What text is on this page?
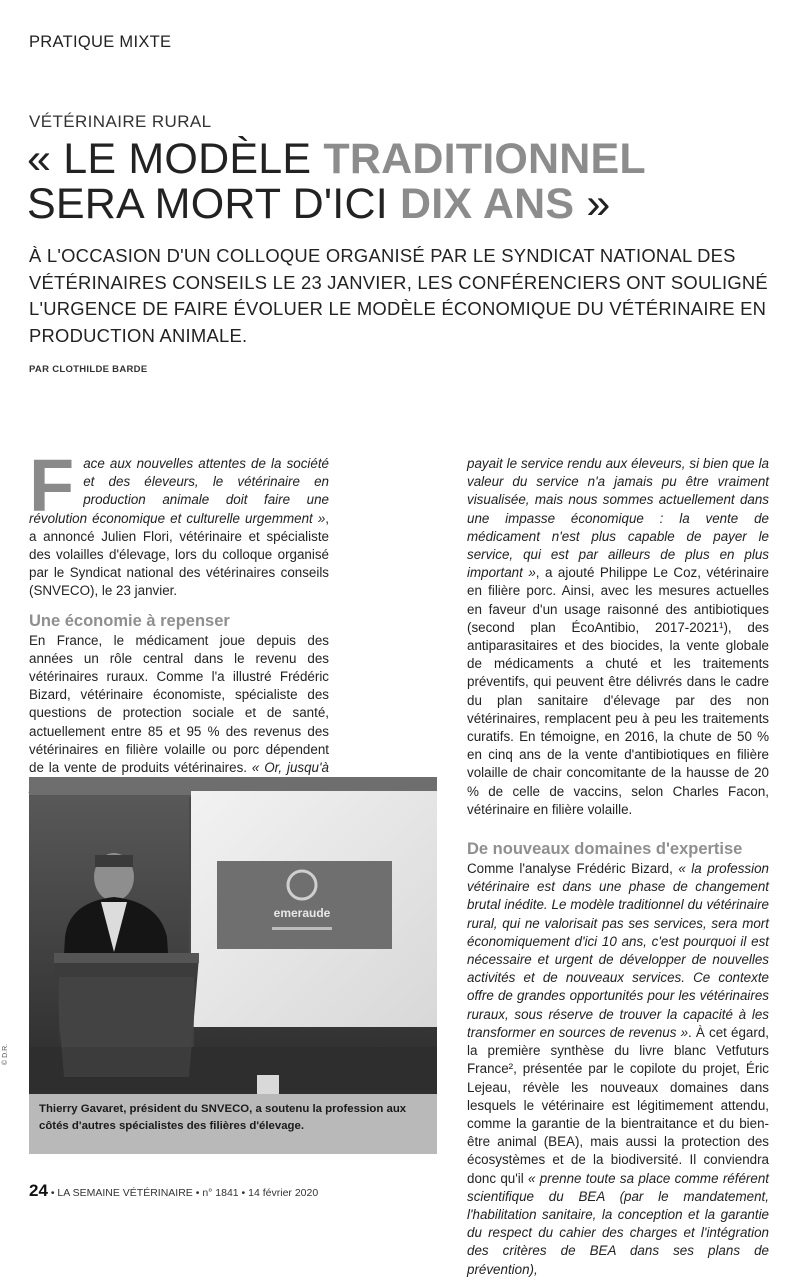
PRATIQUE MIXTE
VÉTÉRINAIRE RURAL
« LE MODÈLE TRADITIONNEL
SERA MORT D'ICI DIX ANS »
À L'OCCASION D'UN COLLOQUE ORGANISÉ PAR LE SYNDICAT NATIONAL DES VÉTÉRINAIRES CONSEILS LE 23 JANVIER, LES CONFÉRENCIERS ONT SOULIGNÉ L'URGENCE DE FAIRE ÉVOLUER LE MODÈLE ÉCONOMIQUE DU VÉTÉRINAIRE EN PRODUCTION ANIMALE.
PAR CLOTHILDE BARDE

Face aux nouvelles attentes de la société et des éleveurs, le vétérinaire en production animale doit faire une révolution économique et culturelle urgemment », a annoncé Julien Flori, vétérinaire et spécialiste des volailles d'élevage, lors du colloque organisé par le Syndicat national des vétérinaires conseils (SNVECO), le 23 janvier.

Une économie à repenser

En France, le médicament joue depuis des années un rôle central dans le revenu des vétérinaires ruraux. Comme l'a illustré Frédéric Bizard, vétérinaire économiste, spécialiste des questions de protection sociale et de santé, actuellement entre 85 et 95 % des revenus des vétérinaires en filière volaille ou porc dépendent de la vente de produits vétérinaires. « Or, jusqu'à

payait le service rendu aux éleveurs, si bien que la valeur du service n'a jamais pu être vraiment visualisée, mais nous sommes actuellement dans une impasse économique : la vente de médicament n'est plus capable de payer le service, qui est par ailleurs de plus en plus important », a ajouté Philippe Le Coz, vétérinaire en filière porc. Ainsi, avec les mesures actuelles en faveur d'un usage raisonné des antibiotiques (second plan ÉcoAntibio, 2017-2021¹), des antiparasitaires et des biocides, la vente globale de médicaments a chuté et les traitements préventifs, qui peuvent être délivrés dans le cadre du plan sanitaire d'élevage par des non vétérinaires, remplacent peu à peu les traitements curatifs. En témoigne, en 2016, la chute de 50 % en cinq ans de la vente d'antibiotiques en filière volaille de chair concomitante de la hausse de 20 % de celle de vaccins, selon Charles Facon, vétérinaire en filière volaille.

De nouveaux domaines d'expertise

Comme l'analyse Frédéric Bizard, « la profession vétérinaire est dans une phase de changement brutal inédite. Le modèle traditionnel du vétérinaire rural, qui ne valorisait pas ses services, sera mort économiquement d'ici 10 ans, c'est pourquoi il est nécessaire et urgent de développer de nouvelles activités et de nouveaux services. Ce contexte offre de grandes opportunités pour les vétérinaires ruraux, sous réserve de trouver la capacité à les transformer en sources de revenus ». À cet égard, la première synthèse du livre blanc Vetfuturs France², présentée par le copilote du projet, Éric Lejeau, révèle les nouveaux domaines dans lesquels le vétérinaire est légitimement attendu, comme la garantie de la bientraitance et du bien-être animal (BEA), mais aussi la protection des écosystèmes et de la biodiversité. Il conviendra donc qu'il « prenne toute sa place comme référent scientifique du BEA (par le mandatement, l'habilitation sanitaire, la conception et la garantie du respect du cahier des charges et l'intégration des critères de BEA dans ses plans de prévention),

emeraude
Thierry Gavaret, président du SNVECO, a soutenu la profession aux côtés d'autres spécialistes des filières d'élevage.
© D.R.
24 • LA SEMAINE VÉTÉRINAIRE • n° 1841 • 14 février 2020
